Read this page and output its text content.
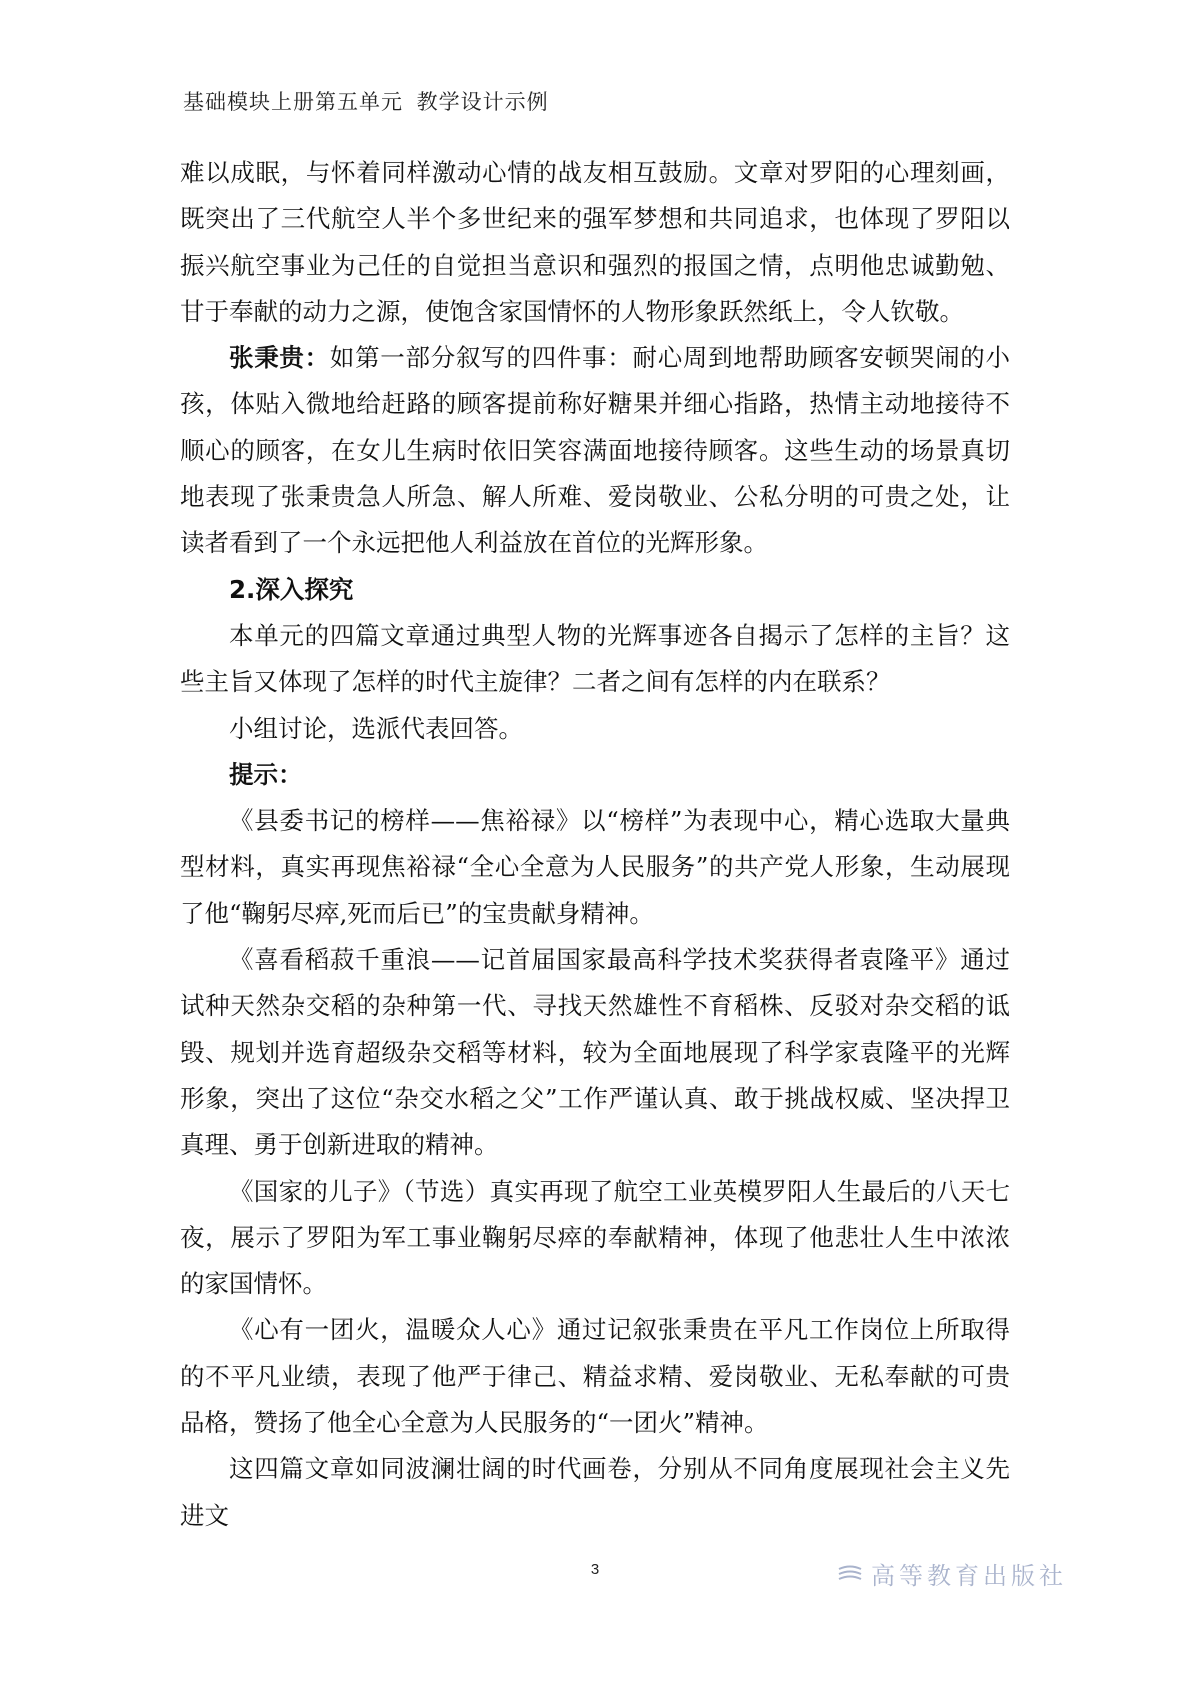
基础模块上册第五单元 教学设计示例

难以成眠，与怀着同样激动心情的战友相互鼓励。文章对罗阳的心理刻画，既突出了三代航空人半个多世纪来的强军梦想和共同追求，也体现了罗阳以振兴航空事业为己任的自觉担当意识和强烈的报国之情，点明他忠诚勤勉、甘于奉献的动力之源，使饱含家国情怀的人物形象跃然纸上，令人钦敬。

张秉贵：如第一部分叙写的四件事：耐心周到地帮助顾客安顿哭闹的小孩，体贴入微地给赶路的顾客提前称好糖果并细心指路，热情主动地接待不顺心的顾客，在女儿生病时依旧笑容满面地接待顾客。这些生动的场景真切地表现了张秉贵急人所急、解人所难、爱岗敬业、公私分明的可贵之处，让读者看到了一个永远把他人利益放在首位的光辉形象。

2.深入探究

本单元的四篇文章通过典型人物的光辉事迹各自揭示了怎样的主旨？这些主旨又体现了怎样的时代主旋律？二者之间有怎样的内在联系？

小组讨论，选派代表回答。

提示：

《县委书记的榜样——焦裕禄》以“榜样”为表现中心，精心选取大量典型材料，真实再现焦裕禄“全心全意为人民服务”的共产党人形象，生动展现了他“鞠躬尽瘁,死而后已”的宝贵献身精神。

《喜看稻菽千重浪——记首届国家最高科学技术奖获得者袁隆平》通过试种天然杂交稻的杂种第一代、寻找天然雄性不育稻株、反驳对杂交稻的诋毁、规划并选育超级杂交稻等材料，较为全面地展现了科学家袁隆平的光辉形象，突出了这位“杂交水稻之父”工作严谨认真、敢于挑战权威、坚决捍卫真理、勇于创新进取的精神。

《国家的儿子》（节选）真实再现了航空工业英模罗阳人生最后的八天七夜，展示了罗阳为军工事业鞠躬尽瘁的奉献精神，体现了他悲壮人生中浓浓的家国情怀。

《心有一团火，温暖众人心》通过记叙张秉贵在平凡工作岗位上所取得的不平凡业绩，表现了他严于律己、精益求精、爱岗敬业、无私奉献的可贵品格，赞扬了他全心全意为人民服务的“一团火”精神。

这四篇文章如同波澜壮阔的时代画卷，分别从不同角度展现社会主义先进文

3	高等教育出版社
